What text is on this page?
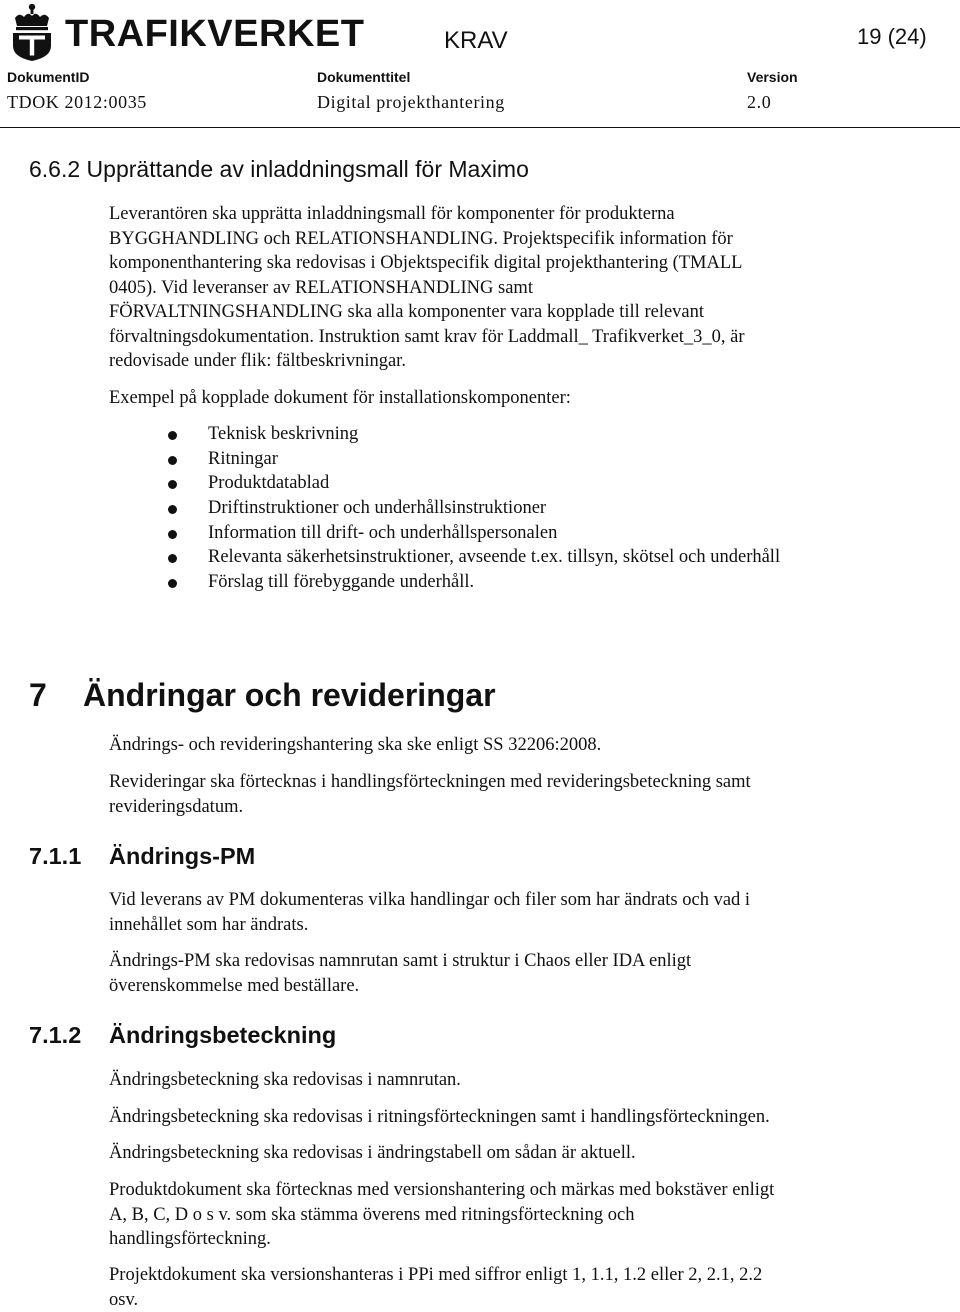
TRAFIKVERKET	KRAV	19 (24)
DokumentID	Dokumenttitel	Version
TDOK 2012:0035	Digital projekthantering	2.0
6.6.2 Upprättande av inladdningsmall för Maximo
Leverantören ska upprätta inladdningsmall för komponenter för produkterna
BYGGHANDLING och RELATIONSHANDLING. Projektspecifik information för
komponenthantering ska redovisas i Objektspecifik digital projekthantering (TMALL
0405). Vid leveranser av RELATIONSHANDLING samt
FÖRVALTNINGSHANDLING ska alla komponenter vara kopplade till relevant
förvaltningsdokumentation. Instruktion samt krav för Laddmall_ Trafikverket_3_0, är
redovisade under flik: fältbeskrivningar.
Exempel på kopplade dokument för installationskomponenter:
Teknisk beskrivning
Ritningar
Produktdatablad
Driftinstruktioner och underhållsinstruktioner
Information till drift- och underhållspersonalen
Relevanta säkerhetsinstruktioner, avseende t.ex. tillsyn, skötsel och underhåll
Förslag till förebyggande underhåll.
7 Ändringar och revideringar
Ändrings- och revideringshantering ska ske enligt SS 32206:2008.
Revideringar ska förtecknas i handlingsförteckningen med revideringsbeteckning samt
revideringsdatum.
7.1.1 Ändrings-PM
Vid leverans av PM dokumenteras vilka handlingar och filer som har ändrats och vad i
innehållet som har ändrats.
Ändrings-PM ska redovisas namnrutan samt i struktur i Chaos eller IDA enligt
överenskommelse med beställare.
7.1.2 Ändringsbeteckning
Ändringsbeteckning ska redovisas i namnrutan.
Ändringsbeteckning ska redovisas i ritningsförteckningen samt i handlingsförteckningen.
Ändringsbeteckning ska redovisas i ändringstabell om sådan är aktuell.
Produktdokument ska förtecknas med versionshantering och märkas med bokstäver enligt
A, B, C, D o s v. som ska stämma överens med ritningsförteckning och
handlingsförteckning.
Projektdokument ska versionshanteras i PPi med siffror enligt 1, 1.1, 1.2 eller 2, 2.1, 2.2
osv.
